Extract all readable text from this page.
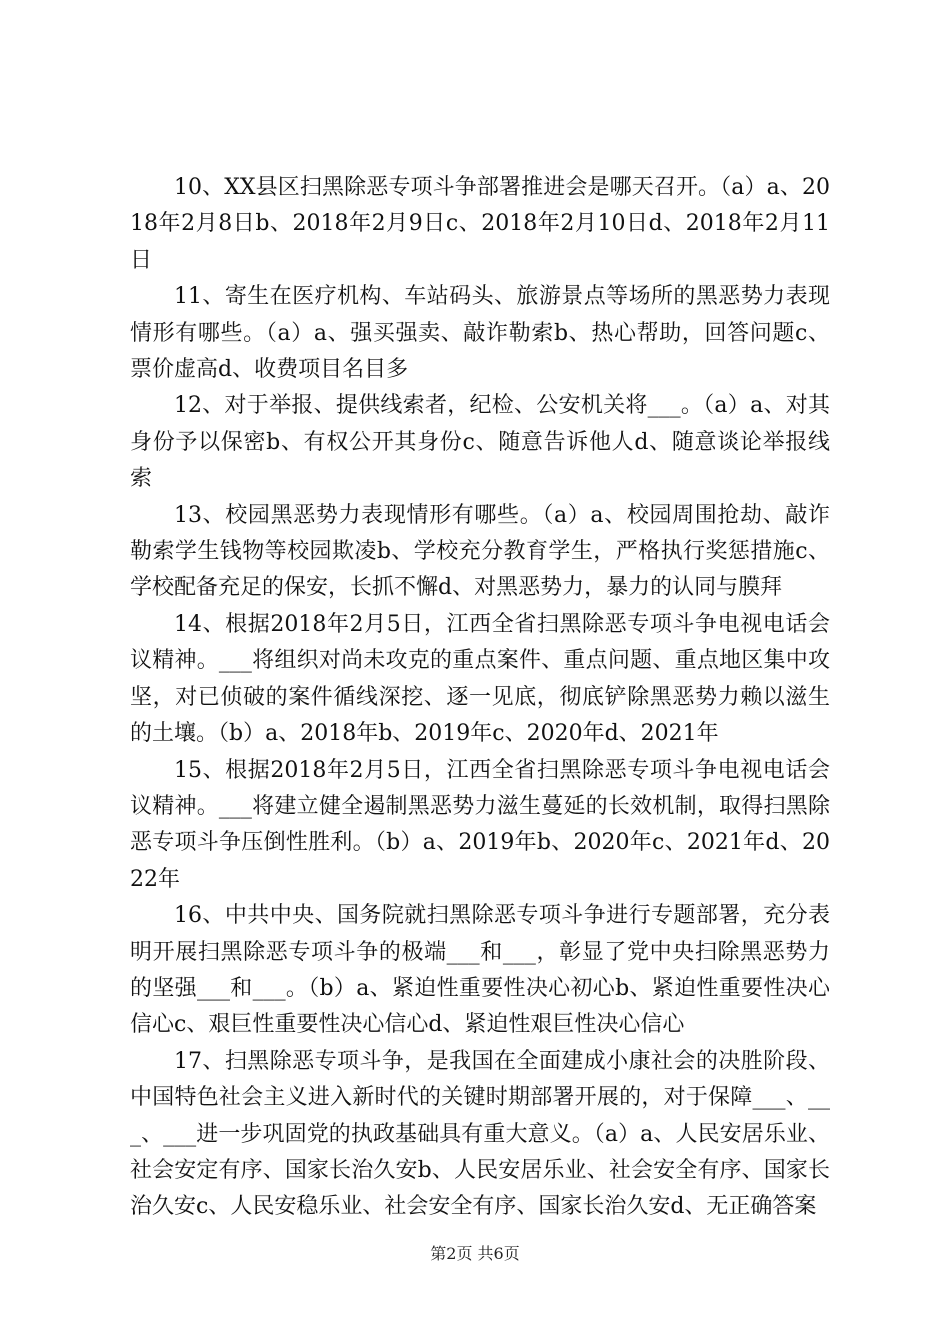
10、XX县区扫黑除恶专项斗争部署推进会是哪天召开。（a）a、2018年2月8日b、2018年2月9日c、2018年2月10日d、2018年2月11日

11、寄生在医疗机构、车站码头、旅游景点等场所的黑恶势力表现情形有哪些。（a）a、强买强卖、敲诈勒索b、热心帮助，回答问题c、票价虚高d、收费项目名目多

12、对于举报、提供线索者，纪检、公安机关将___。（a）a、对其身份予以保密b、有权公开其身份c、随意告诉他人d、随意谈论举报线索

13、校园黑恶势力表现情形有哪些。（a）a、校园周围抢劫、敲诈勒索学生钱物等校园欺凌b、学校充分教育学生，严格执行奖惩措施c、学校配备充足的保安，长抓不懈d、对黑恶势力，暴力的认同与膜拜

14、根据2018年2月5日，江西全省扫黑除恶专项斗争电视电话会议精神。___将组织对尚未攻克的重点案件、重点问题、重点地区集中攻坚，对已侦破的案件循线深挖、逐一见底，彻底铲除黑恶势力赖以滋生的土壤。（b）a、2018年b、2019年c、2020年d、2021年

15、根据2018年2月5日，江西全省扫黑除恶专项斗争电视电话会议精神。___将建立健全遏制黑恶势力滋生蔓延的长效机制，取得扫黑除恶专项斗争压倒性胜利。（b）a、2019年b、2020年c、2021年d、2022年

16、中共中央、国务院就扫黑除恶专项斗争进行专题部署，充分表明开展扫黑除恶专项斗争的极端___和___，彰显了党中央扫除黑恶势力的坚强___和___。（b）a、紧迫性重要性决心初心b、紧迫性重要性决心信心c、艰巨性重要性决心信心d、紧迫性艰巨性决心信心

17、扫黑除恶专项斗争，是我国在全面建成小康社会的决胜阶段、中国特色社会主义进入新时代的关键时期部署开展的，对于保障___、___、___进一步巩固党的执政基础具有重大意义。（a）a、人民安居乐业、社会安定有序、国家长治久安b、人民安居乐业、社会安全有序、国家长治久安c、人民安稳乐业、社会安全有序、国家长治久安d、无正确答案

第2页 共6页
